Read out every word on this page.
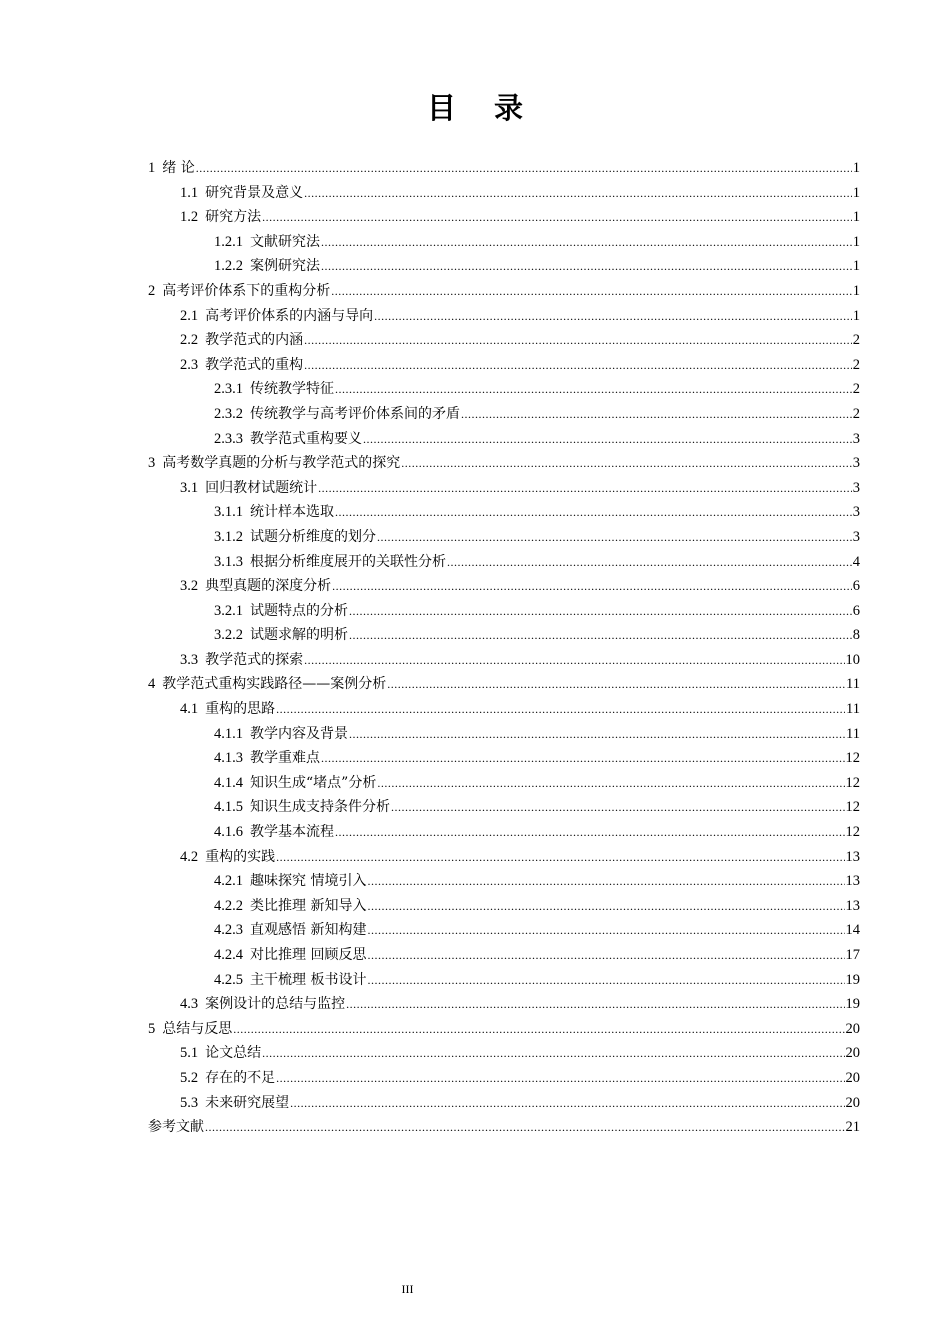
目 录
1 绪 论 .....	1
1.1 研究背景及意义 .....	1
1.2 研究方法 .....	1
1.2.1 文献研究法 .....	1
1.2.2 案例研究法 .....	1
2 高考评价体系下的重构分析 .....	1
2.1 高考评价体系的内涵与导向 .....	1
2.2 教学范式的内涵 .....	2
2.3 教学范式的重构 .....	2
2.3.1 传统教学特征 .....	2
2.3.2 传统教学与高考评价体系间的矛盾 .....	2
2.3.3 教学范式重构要义 .....	3
3 高考数学真题的分析与教学范式的探究 .....	3
3.1 回归教材试题统计 .....	3
3.1.1 统计样本选取 .....	3
3.1.2 试题分析维度的划分 .....	3
3.1.3 根据分析维度展开的关联性分析 .....	4
3.2 典型真题的深度分析 .....	6
3.2.1 试题特点的分析 .....	6
3.2.2 试题求解的明析 .....	8
3.3 教学范式的探索 .....	10
4 教学范式重构实践路径——案例分析 .....	11
4.1 重构的思路 .....	11
4.1.1 教学内容及背景 .....	11
4.1.3 教学重难点 .....	12
4.1.4 知识生成“堵点”分析 .....	12
4.1.5 知识生成支持条件分析 .....	12
4.1.6 教学基本流程 .....	12
4.2 重构的实践 .....	13
4.2.1 趣味探究 情境引入 .....	13
4.2.2 类比推理 新知导入 .....	13
4.2.3 直观感悟 新知构建 .....	14
4.2.4 对比推理 回顾反思 .....	17
4.2.5 主干梳理 板书设计 .....	19
4.3 案例设计的总结与监控 .....	19
5 总结与反思 .....	20
5.1 论文总结 .....	20
5.2 存在的不足 .....	20
5.3 未来研究展望 .....	20
参考文献 .....	21
III
